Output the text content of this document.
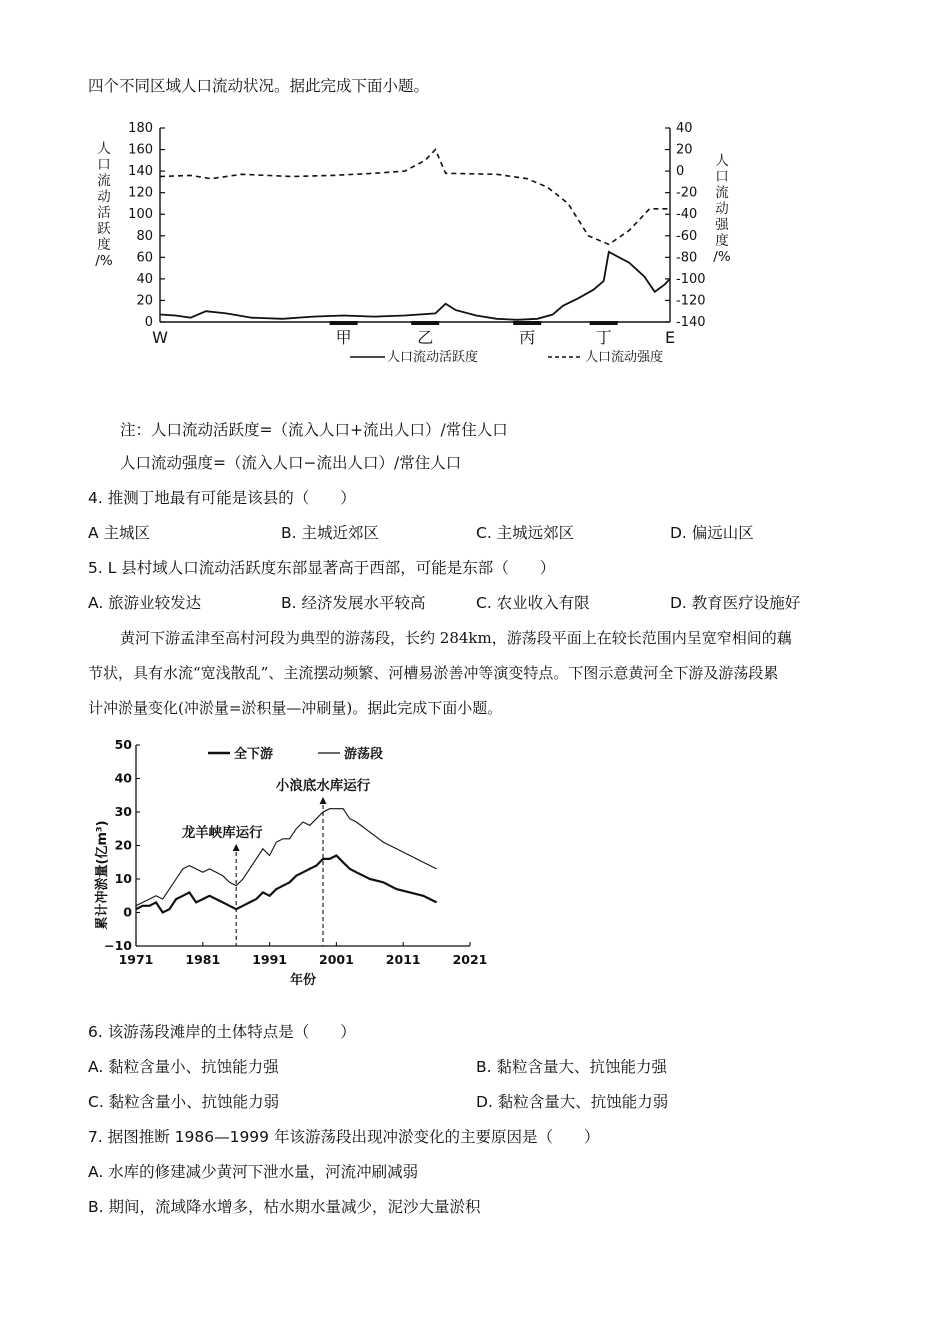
四个不同区域人口流动状况。据此完成下面小题。
人口流动活跃度/%
人口流动强度/%
0
20
40
60
80
100
120
140
160
180	40
20
0
-20
-40
-60
-80
-100
-120
-140
W	甲	乙	丙	丁	E
人口流动活跃度	人口流动强度
注：人口流动活跃度=（流入人口+流出人口）/常住人口
人口流动强度=（流入人口−流出人口）/常住人口
4. 推测丁地最有可能是该县的（　　）
A 主城区	B. 主城近郊区	C. 主城远郊区	D. 偏远山区
5. L 县村域人口流动活跃度东部显著高于西部，可能是东部（　　）
A. 旅游业较发达	B. 经济发展水平较高	C. 农业收入有限	D. 教育医疗设施好
黄河下游孟津至高村河段为典型的游荡段，长约 284km，游荡段平面上在较长范围内呈宽窄相间的藕
节状，具有水流“宽浅散乱”、主流摆动频繁、河槽易淤善冲等演变特点。下图示意黄河全下游及游荡段累
计冲淤量变化(冲淤量=淤积量—冲刷量)。据此完成下面小题。
累计冲淤量(亿m³)
−10
0
10
20
30
40
50
1971	1981	1991	2001	2011	2021
年份
龙羊峡库运行
小浪底水库运行
全下游	游荡段
6. 该游荡段滩岸的土体特点是（　　）
A. 黏粒含量小、抗蚀能力强	B. 黏粒含量大、抗蚀能力强
C. 黏粒含量小、抗蚀能力弱	D. 黏粒含量大、抗蚀能力弱
7. 据图推断 1986—1999 年该游荡段出现冲淤变化的主要原因是（　　）
A. 水库的修建减少黄河下泄水量，河流冲刷减弱
B. 期间，流域降水增多，枯水期水量减少，泥沙大量淤积
